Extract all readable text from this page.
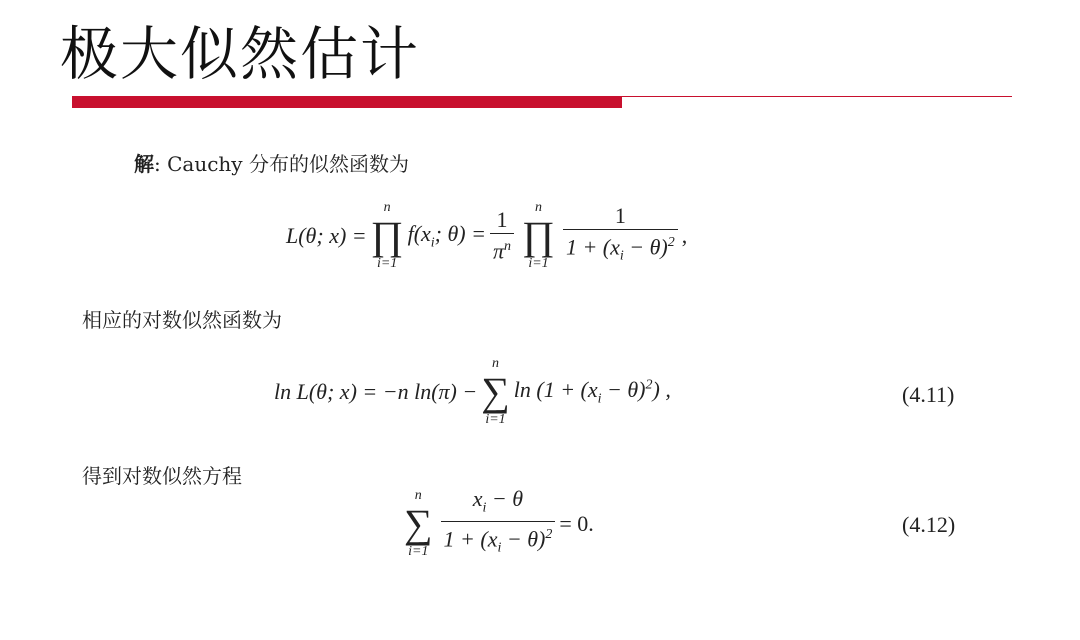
极大似然估计
解: Cauchy 分布的似然函数为
L(θ; x) =
n
∏
i=1
$f(x_i$; $\theta) = \frac{1}{\pi^n}$ n
∏
$i=1 \frac{1}{1 + (x_i - \theta)^2}$ ,
相应的对数似然函数为
ln L(θ; x) = −n ln(π) −
n
∑
i=1
$\ln (1 + (x_i - \theta)^2)$ ,	(4.11)
得到对数似然方程
n
∑
$i=1 \frac{x_i - \theta}{1 + (x_i - \theta)^2} = 0$.	(4.12)
